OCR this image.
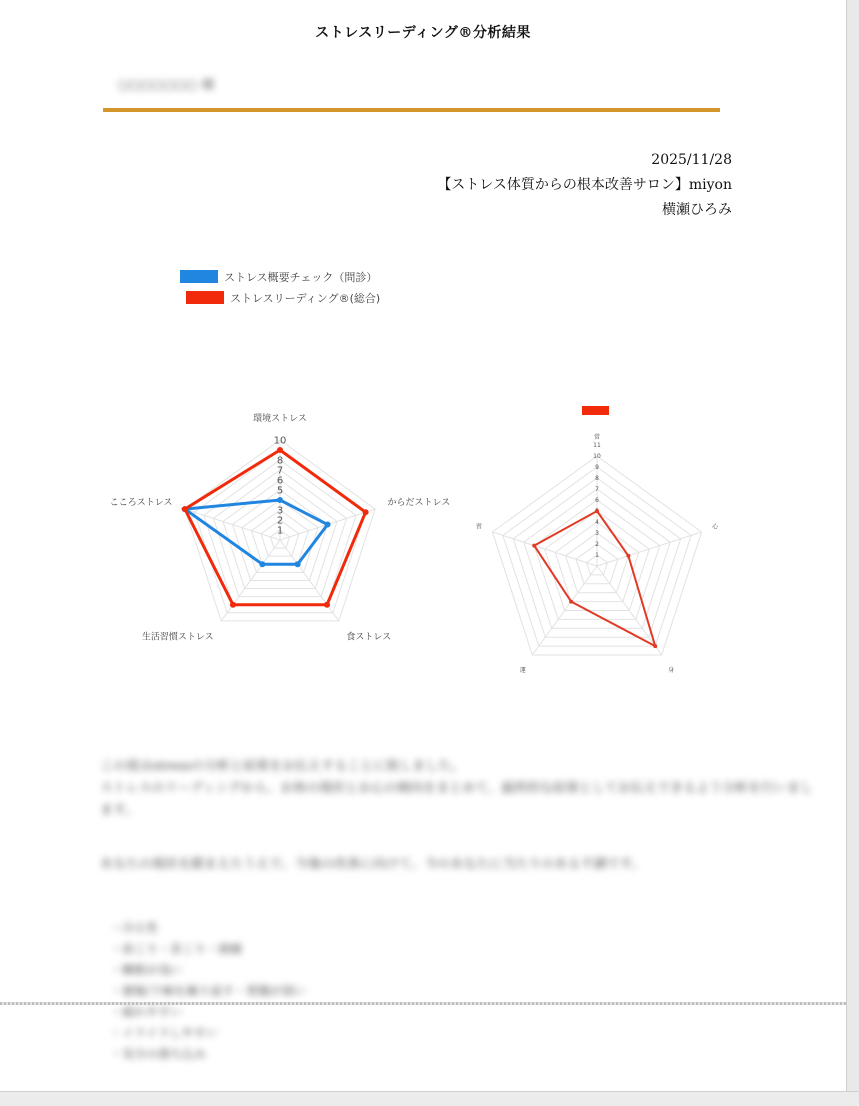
ストレスリーディング®分析結果
○○○○○○○ 様
2025/11/28
【ストレス体質からの根本改善サロン】miyon
横瀬ひろみ
ストレス概要チェック（問診）
ストレスリーディング®(総合)
1
2
3
5
6
7
8
10
環境ストレス
からだストレス
食ストレス
生活習慣ストレス
こころストレス
1
2
3
4
6
7
8
9
10
11
常
心
身
運
習
この度はstressの分析と結果をお伝えすることに致しました。
ストレスのリーディングから、お体の現状とお心の傾向をまとめて、最終的な結果としてお伝えできるよう分析を行いまし
ます。
あなたの現状を踏まえたうえで、今後の改善に向けて、今のあなたに当たりのある不調です。
・冷え性
・肩こり・首こり・頭痛
・睡眠が浅い
・便秘/下痢を繰り返す・胃腸が弱い
・疲れやすい
・イライラしやすい
・気分の落ち込み
